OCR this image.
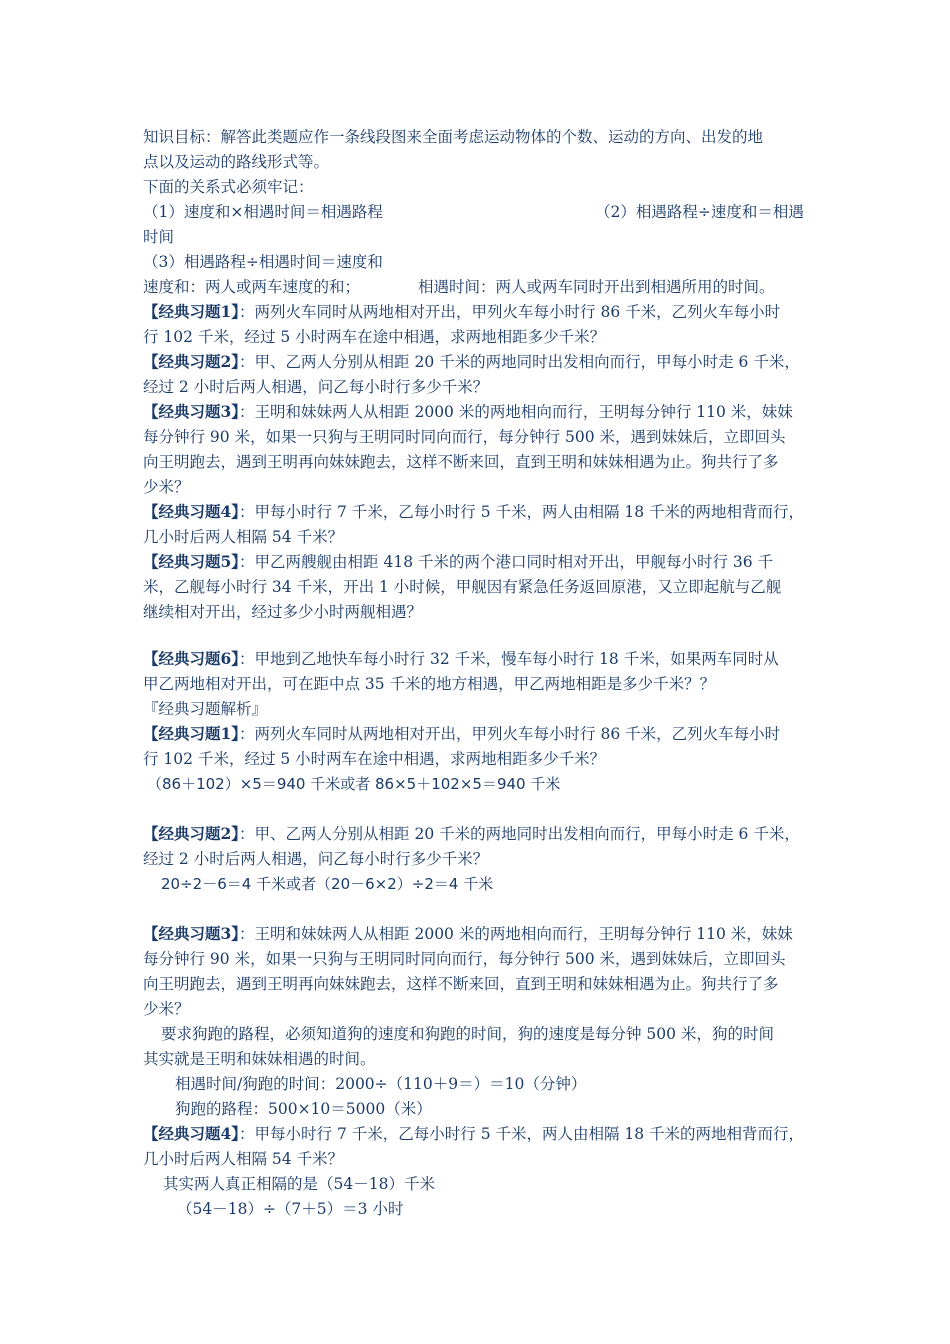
知识目标：解答此类题应作一条线段图来全面考虑运动物体的个数、运动的方向、出发的地
点以及运动的路线形式等。
下面的关系式必须牢记：
（1）速度和×相遇时间＝相遇路程	（2）相遇路程÷速度和＝相遇
时间
（3）相遇路程÷相遇时间＝速度和
速度和：两人或两车速度的和；	相遇时间：两人或两车同时开出到相遇所用的时间。
【经典习题1】：两列火车同时从两地相对开出，甲列火车每小时行 86 千米，乙列火车每小时
行 102 千米，经过 5 小时两车在途中相遇，求两地相距多少千米？
【经典习题2】：甲、乙两人分别从相距 20 千米的两地同时出发相向而行，甲每小时走 6 千米，
经过 2 小时后两人相遇，问乙每小时行多少千米？
【经典习题3】：王明和妹妹两人从相距 2000 米的两地相向而行，王明每分钟行 110 米，妹妹
每分钟行 90 米，如果一只狗与王明同时同向而行，每分钟行 500 米，遇到妹妹后，立即回头
向王明跑去，遇到王明再向妹妹跑去，这样不断来回，直到王明和妹妹相遇为止。狗共行了多
少米？
【经典习题4】：甲每小时行 7 千米，乙每小时行 5 千米，两人由相隔 18 千米的两地相背而行，
几小时后两人相隔 54 千米？
【经典习题5】：甲乙两艘舰由相距 418 千米的两个港口同时相对开出，甲舰每小时行 36 千
米，乙舰每小时行 34 千米，开出 1 小时候，甲舰因有紧急任务返回原港，又立即起航与乙舰
继续相对开出，经过多少小时两舰相遇？
【经典习题6】：甲地到乙地快车每小时行 32 千米，慢车每小时行 18 千米，如果两车同时从
甲乙两地相对开出，可在距中点 35 千米的地方相遇，甲乙两地相距是多少千米？？
『经典习题解析』
【经典习题1】：两列火车同时从两地相对开出，甲列火车每小时行 86 千米，乙列火车每小时
行 102 千米，经过 5 小时两车在途中相遇，求两地相距多少千米？
（86＋102）×5＝940 千米或者 86×5＋102×5＝940 千米
【经典习题2】：甲、乙两人分别从相距 20 千米的两地同时出发相向而行，甲每小时走 6 千米，
经过 2 小时后两人相遇，问乙每小时行多少千米？
20÷2－6＝4 千米或者（20－6×2）÷2＝4 千米
【经典习题3】：王明和妹妹两人从相距 2000 米的两地相向而行，王明每分钟行 110 米，妹妹
每分钟行 90 米，如果一只狗与王明同时同向而行，每分钟行 500 米，遇到妹妹后，立即回头
向王明跑去，遇到王明再向妹妹跑去，这样不断来回，直到王明和妹妹相遇为止。狗共行了多
少米？
要求狗跑的路程，必须知道狗的速度和狗跑的时间，狗的速度是每分钟 500 米，狗的时间
其实就是王明和妹妹相遇的时间。
相遇时间/狗跑的时间：2000÷（110＋9＝）＝10（分钟）
狗跑的路程：500×10＝5000（米）
【经典习题4】：甲每小时行 7 千米，乙每小时行 5 千米，两人由相隔 18 千米的两地相背而行，
几小时后两人相隔 54 千米？
其实两人真正相隔的是（54－18）千米
（54－18）÷（7＋5）＝3 小时
